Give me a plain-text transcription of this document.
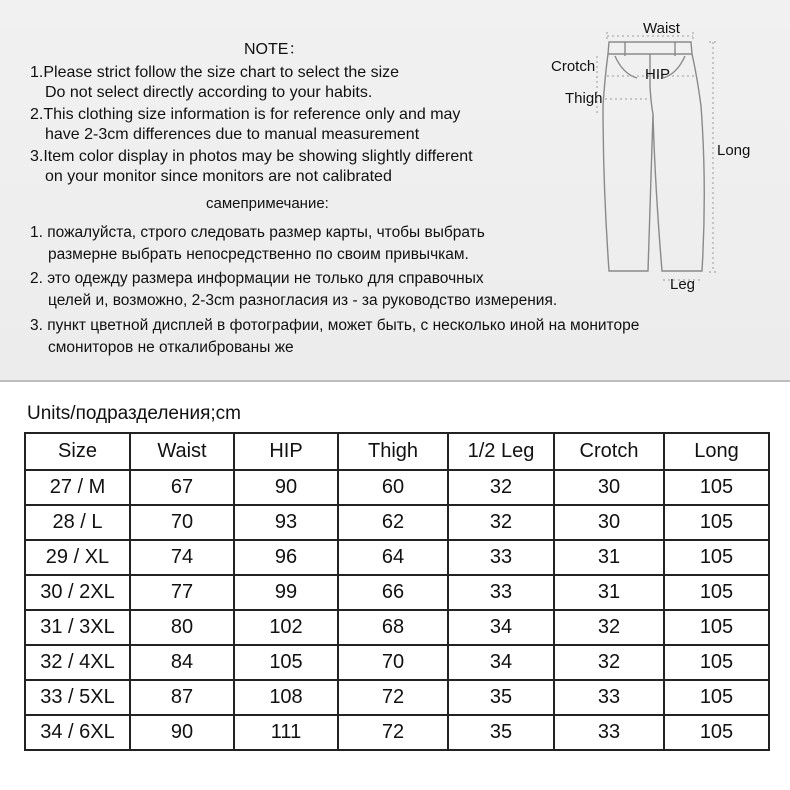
NOTE：
1.Please strict follow the size chart to select the size
Do not select directly according to your habits.
2.This clothing size information is for reference only and may
have 2-3cm differences due to manual measurement
3.Item color display in photos may be showing slightly different
on your monitor since monitors are not calibrated
самепримечание:
1. пожалуйста, строго следовать размер карты, чтобы выбрать
размерне выбрать непосредственно по своим привычкам.
2. это одежду размера информации не только для справочных
целей и, возможно, 2-3cm разногласия из - за руководство измерения.
3. пункт цветной дисплей в фотографии, может быть, с несколько иной на мониторе
смониторов не откалиброваны же
Waist
Crotch	HIP
Thigh
Long
Leg
Units/подразделения;cm
Size	Waist	HIP	Thigh	1/2 Leg	Crotch	Long
27 / M	67	90	60	32	30	105
28 / L	70	93	62	32	30	105
29 / XL	74	96	64	33	31	105
30 / 2XL	77	99	66	33	31	105
31 / 3XL	80	102	68	34	32	105
32 / 4XL	84	105	70	34	32	105
33 / 5XL	87	108	72	35	33	105
34 / 6XL	90	111	72	35	33	105
